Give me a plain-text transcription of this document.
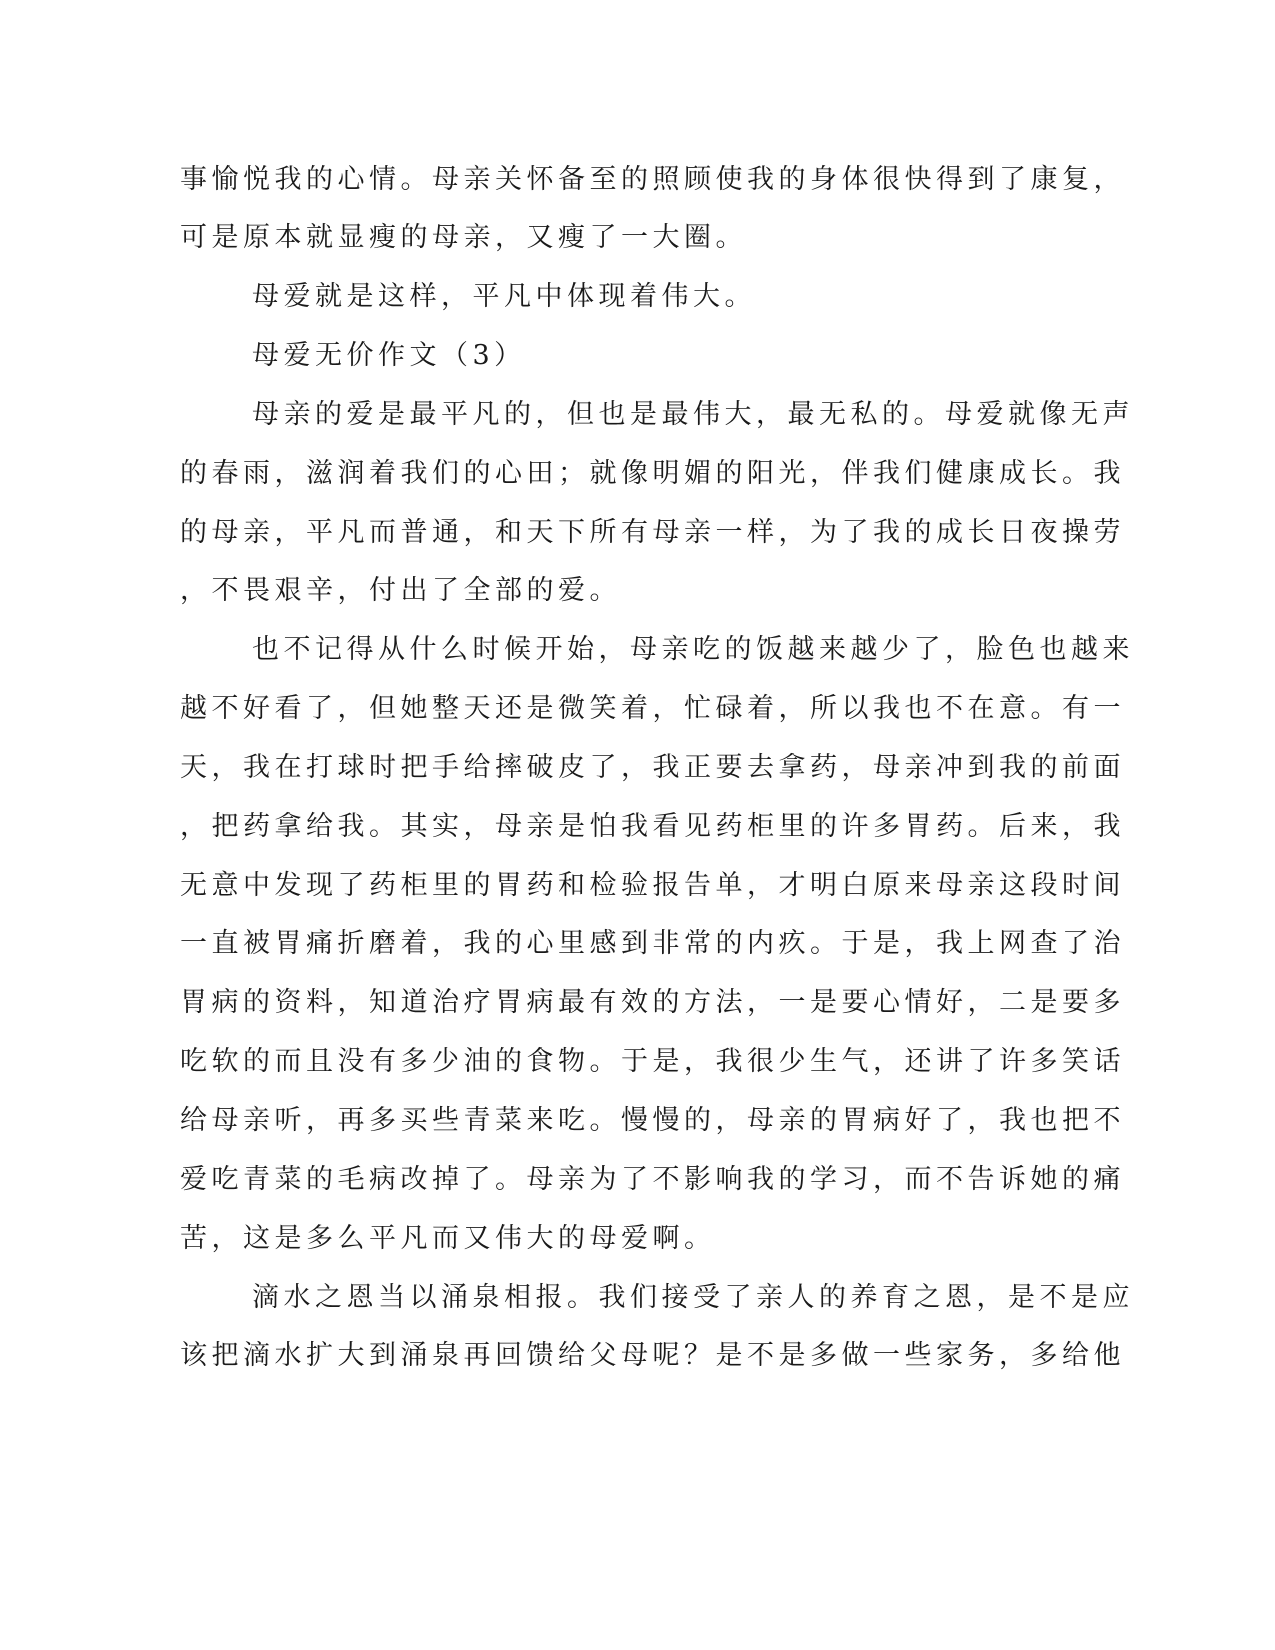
事愉悦我的心情。母亲关怀备至的照顾使我的身体很快得到了康复，
可是原本就显瘦的母亲，又瘦了一大圈。
母爱就是这样，平凡中体现着伟大。
母爱无价作文（3）
母亲的爱是最平凡的，但也是最伟大，最无私的。母爱就像无声
的春雨，滋润着我们的心田；就像明媚的阳光，伴我们健康成长。我
的母亲，平凡而普通，和天下所有母亲一样，为了我的成长日夜操劳
，不畏艰辛，付出了全部的爱。
也不记得从什么时候开始，母亲吃的饭越来越少了，脸色也越来
越不好看了，但她整天还是微笑着，忙碌着，所以我也不在意。有一
天，我在打球时把手给摔破皮了，我正要去拿药，母亲冲到我的前面
，把药拿给我。其实，母亲是怕我看见药柜里的许多胃药。后来，我
无意中发现了药柜里的胃药和检验报告单，才明白原来母亲这段时间
一直被胃痛折磨着，我的心里感到非常的内疚。于是，我上网查了治
胃病的资料，知道治疗胃病最有效的方法，一是要心情好，二是要多
吃软的而且没有多少油的食物。于是，我很少生气，还讲了许多笑话
给母亲听，再多买些青菜来吃。慢慢的，母亲的胃病好了，我也把不
爱吃青菜的毛病改掉了。母亲为了不影响我的学习，而不告诉她的痛
苦，这是多么平凡而又伟大的母爱啊。
滴水之恩当以涌泉相报。我们接受了亲人的养育之恩，是不是应
该把滴水扩大到涌泉再回馈给父母呢？是不是多做一些家务，多给他
